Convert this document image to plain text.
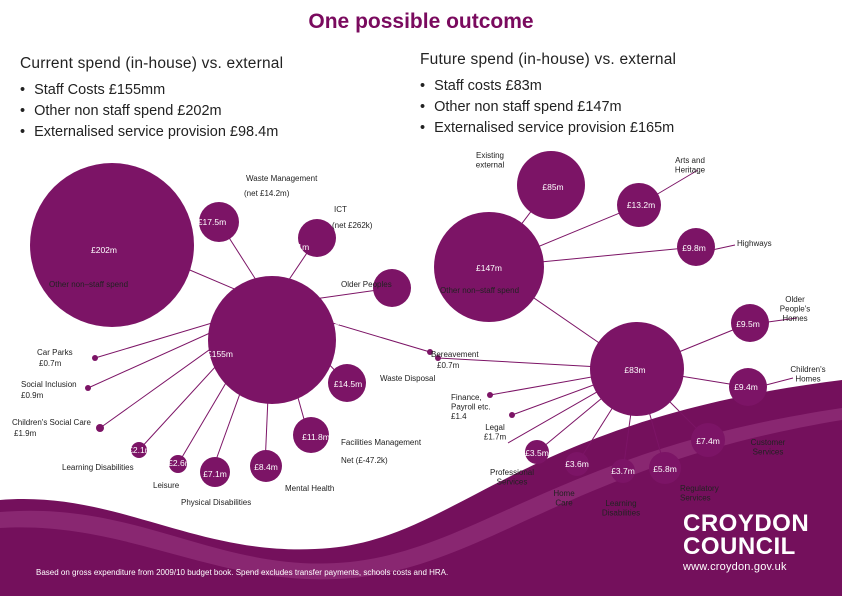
One possible outcome
Current spend (in-house) vs. external
• Staff Costs £155mm
• Other non staff spend £202m
• Externalised service provision £98.4m
Future spend (in-house) vs. external
• Staff costs £83m
• Other non staff spend £147m
• Externalised service provision £165m
£202m
£17.5m
£16.1m
£15.0m
£155m
£14.5m
£11.8m
£2.1m
£2.6m
£7.1m
£8.4m
£85m
£13.2m
£9.8m
£147m
£9.5m
£83m
£9.4m
£7.4m
£5.8m
£3.7m
£3.6m
£3.5m
Waste Management
(net £14.2m)
ICT
(net £262k)
Other non–staff spend	Older Peoples
Car Parks
£0.7m
Social Inclusion
£0.9m
Children's Social Care
£1.9m
Learning Disabilities
Leisure
Physical Disabilities
Mental Health
Bereavement
£0.7m
Waste Disposal
Facilities Management
Net (£-47.2k)
Other non–staff spend
Existing external	Arts and Heritage
Highways
Older People's Homes
Children's Homes
Finance, Payroll etc. £1.4
Legal £1.7m
Professional Services
Home Care	Learning Disabilities
Regulatory Services
Customer Services
Based on gross expenditure from 2009/10 budget book. Spend excludes transfer payments, schools costs and HRA.
CROYDON
COUNCIL
www.croydon.gov.uk
